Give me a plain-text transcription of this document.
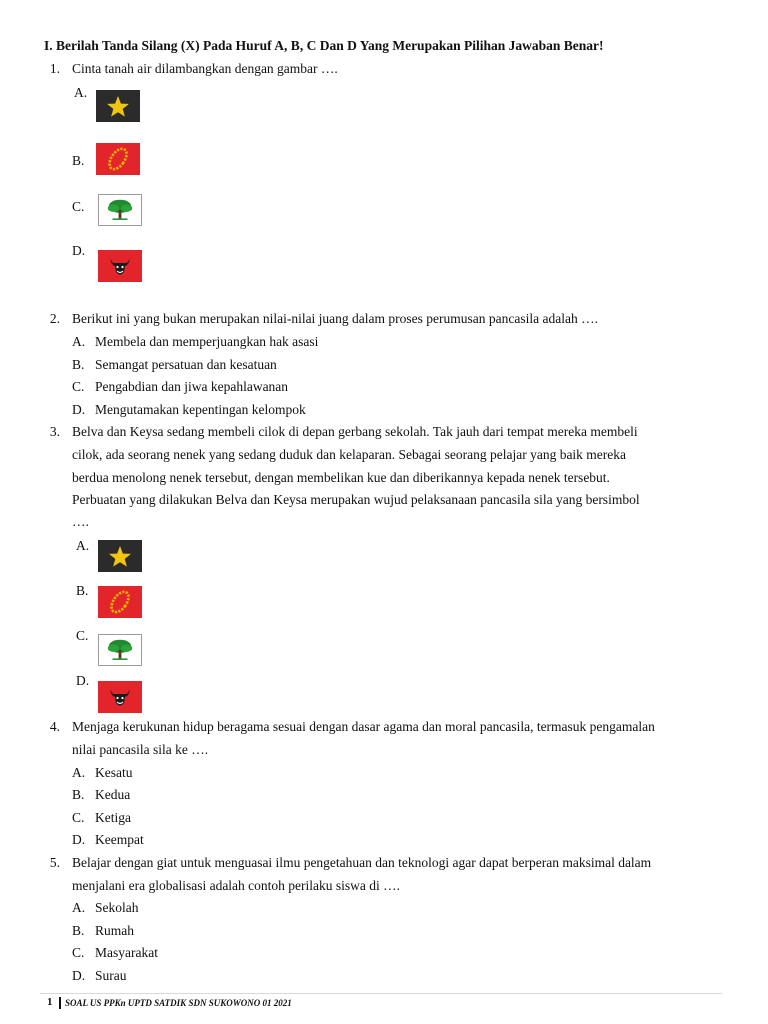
I. Berilah Tanda Silang (X) Pada Huruf A, B, C Dan D Yang Merupakan Pilihan Jawaban Benar!
1. Cinta tanah air dilambangkan dengan gambar ….
A.
B.
C.
D.
2. Berikut ini yang bukan merupakan nilai-nilai juang dalam proses perumusan pancasila adalah ….
A. Membela dan memperjuangkan hak asasi
B. Semangat persatuan dan kesatuan
C. Pengabdian dan jiwa kepahlawanan
D. Mengutamakan kepentingan kelompok
3. Belva dan Keysa sedang membeli cilok di depan gerbang sekolah. Tak jauh dari tempat mereka membeli
cilok, ada seorang nenek yang sedang duduk dan kelaparan. Sebagai seorang pelajar yang baik mereka
berdua menolong nenek tersebut, dengan membelikan kue dan diberikannya kepada nenek tersebut.
Perbuatan yang dilakukan Belva dan Keysa merupakan wujud pelaksanaan pancasila sila yang bersimbol
….
A.
B.
C.
D.
4. Menjaga kerukunan hidup beragama sesuai dengan dasar agama dan moral pancasila, termasuk pengamalan
nilai pancasila sila ke ….
A. Kesatu
B. Kedua
C. Ketiga
D. Keempat
5. Belajar dengan giat untuk menguasai ilmu pengetahuan dan teknologi agar dapat berperan maksimal dalam
menjalani era globalisasi adalah contoh perilaku siswa di ….
A. Sekolah
B. Rumah
C. Masyarakat
D. Surau
1 SOAL US PPKn UPTD SATDIK SDN SUKOWONO 01 2021
